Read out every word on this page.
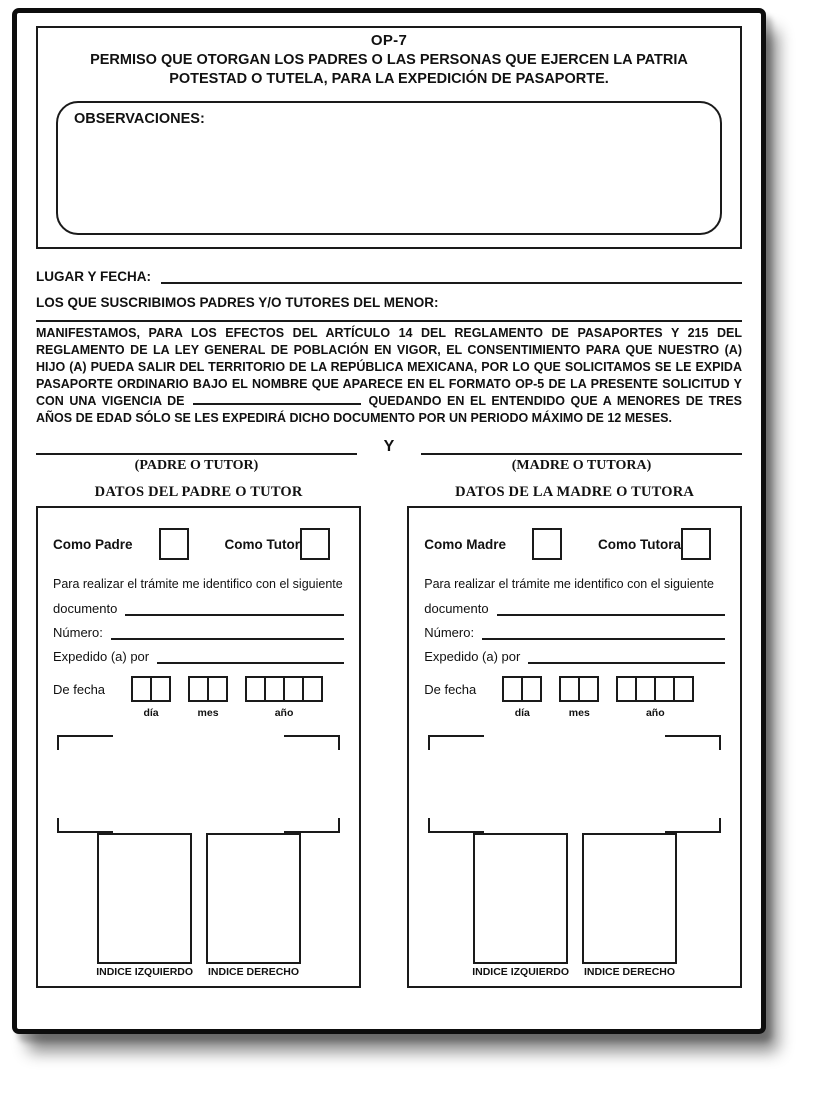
OP-7
PERMISO QUE OTORGAN LOS PADRES O LAS PERSONAS QUE EJERCEN LA PATRIA POTESTAD O TUTELA, PARA LA EXPEDICIÓN DE PASAPORTE.
OBSERVACIONES:
LUGAR Y FECHA:
LOS QUE SUSCRIBIMOS PADRES Y/O TUTORES DEL MENOR:
MANIFESTAMOS, PARA LOS EFECTOS DEL ARTÍCULO 14 DEL REGLAMENTO DE PASAPORTES Y 215 DEL REGLAMENTO DE LA LEY GENERAL DE POBLACIÓN EN VIGOR, EL CONSENTIMIENTO PARA QUE NUESTRO (A) HIJO (A) PUEDA SALIR DEL TERRITORIO DE LA REPÚBLICA MEXICANA, POR LO QUE SOLICITAMOS SE LE EXPIDA PASAPORTE ORDINARIO BAJO EL NOMBRE QUE APARECE EN EL FORMATO OP-5 DE LA PRESENTE SOLICITUD Y CON UNA VIGENCIA DE	QUEDANDO EN EL ENTENDIDO QUE A MENORES DE TRES AÑOS DE EDAD SÓLO SE LES EXPEDIRÁ DICHO DOCUMENTO POR UN PERIODO MÁXIMO DE 12 MESES.
(PADRE O TUTOR)
Y
(MADRE O TUTORA)
DATOS DEL PADRE O TUTOR
Como Padre	Como Tutor
Para realizar el trámite me identifico con el siguiente
documento
Número:
Expedido (a) por
De fecha
día	mes	año
INDICE IZQUIERDO INDICE DERECHO
DATOS DE LA MADRE O TUTORA
Como Madre	Como Tutora
Para realizar el trámite me identifico con el siguiente
documento
Número:
Expedido (a) por
De fecha
día	mes	año
INDICE IZQUIERDO INDICE DERECHO
